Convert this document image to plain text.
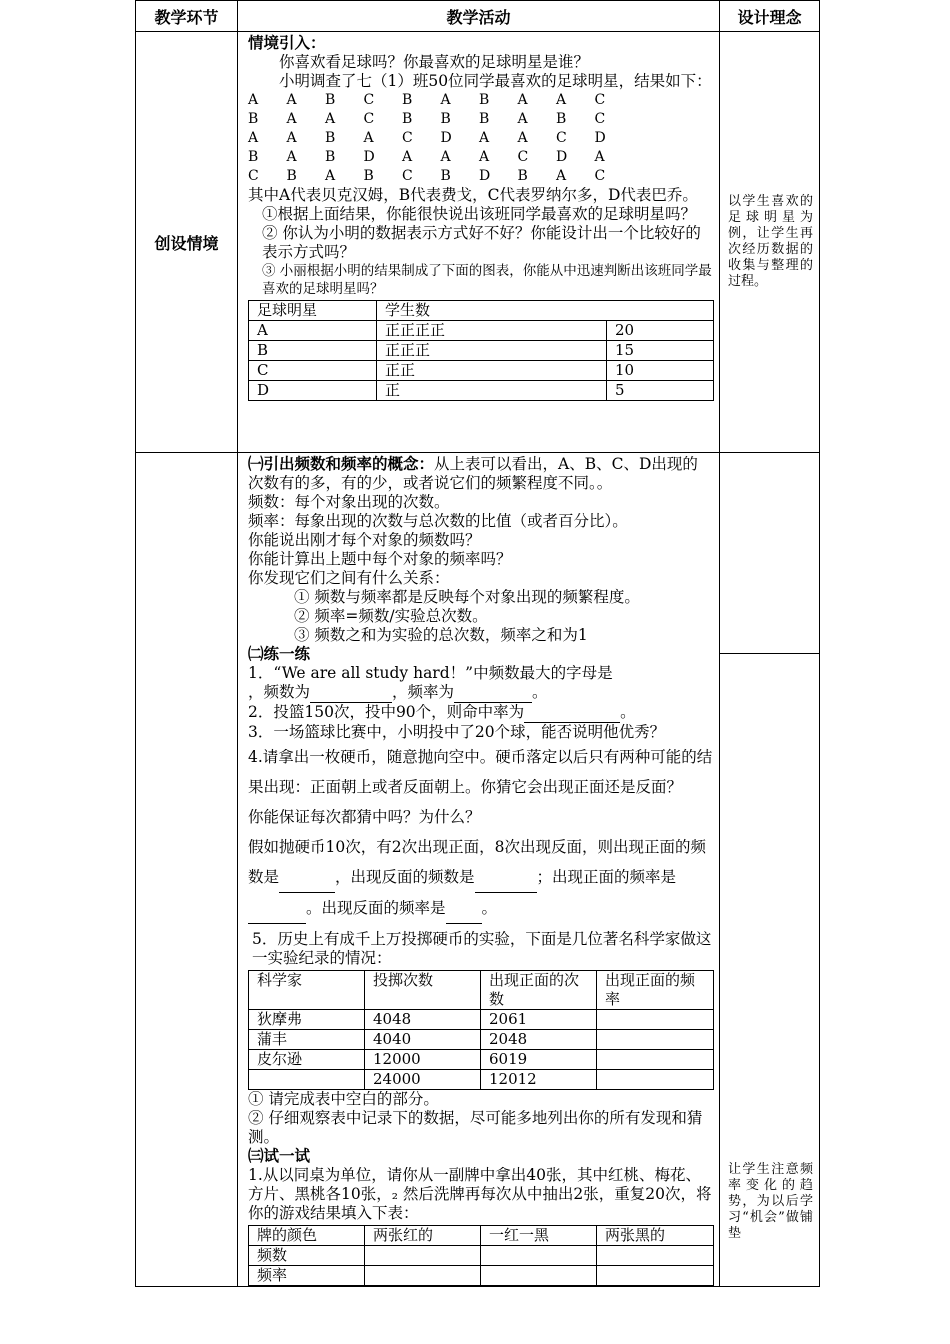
教学环节	教学活动	设计理念
创设情境	
情境引入：
你喜欢看足球吗？你最喜欢的足球明星是谁？
小明调查了七（1）班50位同学最喜欢的足球明星，结果如下：
A	A	B	C	B	A	B	A	A	C
B	A	A	C	B	B	B	A	B	C
A	A	B	A	C	D	A	A	C	D
B	A	B	D	A	A	A	C	D	A
C	B	A	B	C	B	D	B	A	C
其中A代表贝克汉姆，B代表费戈，C代表罗纳尔多，D代表巴乔。
①根据上面结果，你能很快说出该班同学最喜欢的足球明星吗？
② 你认为小明的数据表示方式好不好？你能设计出一个比较好的表示方式吗？
③ 小丽根据小明的结果制成了下面的图表，你能从中迅速判断出该班同学最喜欢的足球明星吗？
足球明星	学生数
A	正正正正	20
B	正正正	15
C	正正	10
D	正	5

以学生喜欢的足球明星为例，让学生再次经历数据的收集与整理的过程。

㈠引出频数和频率的概念：从上表可以看出，A、B、C、D出现的次数有的多，有的少，或者说它们的频繁程度不同。。
频数：每个对象出现的次数。
频率：每象出现的次数与总次数的比值（或者百分比）。
你能说出刚才每个对象的频数吗？
你能计算出上题中每个对象的频率吗？
你发现它们之间有什么关系：
① 频数与频率都是反映每个对象出现的频繁程度。
② 频率=频数/实验总次数。
③ 频数之和为实验的总次数，频率之和为1
㈡练一练
1．“We are all study hard！”中频数最大的字母是
，频数为	，频率为	。
2．投篮150次，投中90个，则命中率为	。
3．一场篮球比赛中，小明投中了20个球，能否说明他优秀？
4.请拿出一枚硬币，随意抛向空中。硬币落定以后只有两种可能的结果出现：正面朝上或者反面朝上。你猜它会出现正面还是反面？
你能保证每次都猜中吗？为什么？
假如抛硬币10次，有2次出现正面，8次出现反面，则出现正面的频数是	，出现反面的频数是	；出现正面的频率是 。出现反面的频率是 。
5．历史上有成千上万投掷硬币的实验，下面是几位著名科学家做这一实验纪录的情况：
科学家	投掷次数	出现正面的次数	出现正面的频率
狄摩弗	4048	2061	
蒲丰	4040	2048	
皮尔逊	12000	6019	
	24000	12012	
① 请完成表中空白的部分。
② 仔细观察表中记录下的数据，尽可能多地列出你的所有发现和猜测。
㈢试一试
1.从以同桌为单位，请你从一副牌中拿出40张，其中红桃、梅花、方片、黑桃各10张，₂ 然后洗牌再每次从中抽出2张，重复20次，将你的游戏结果填入下表：
牌的颜色	两张红的	一红一黑	两张黑的
频数			
频率			

让学生注意频率变化的趋势，为以后学习“机会”做铺垫
